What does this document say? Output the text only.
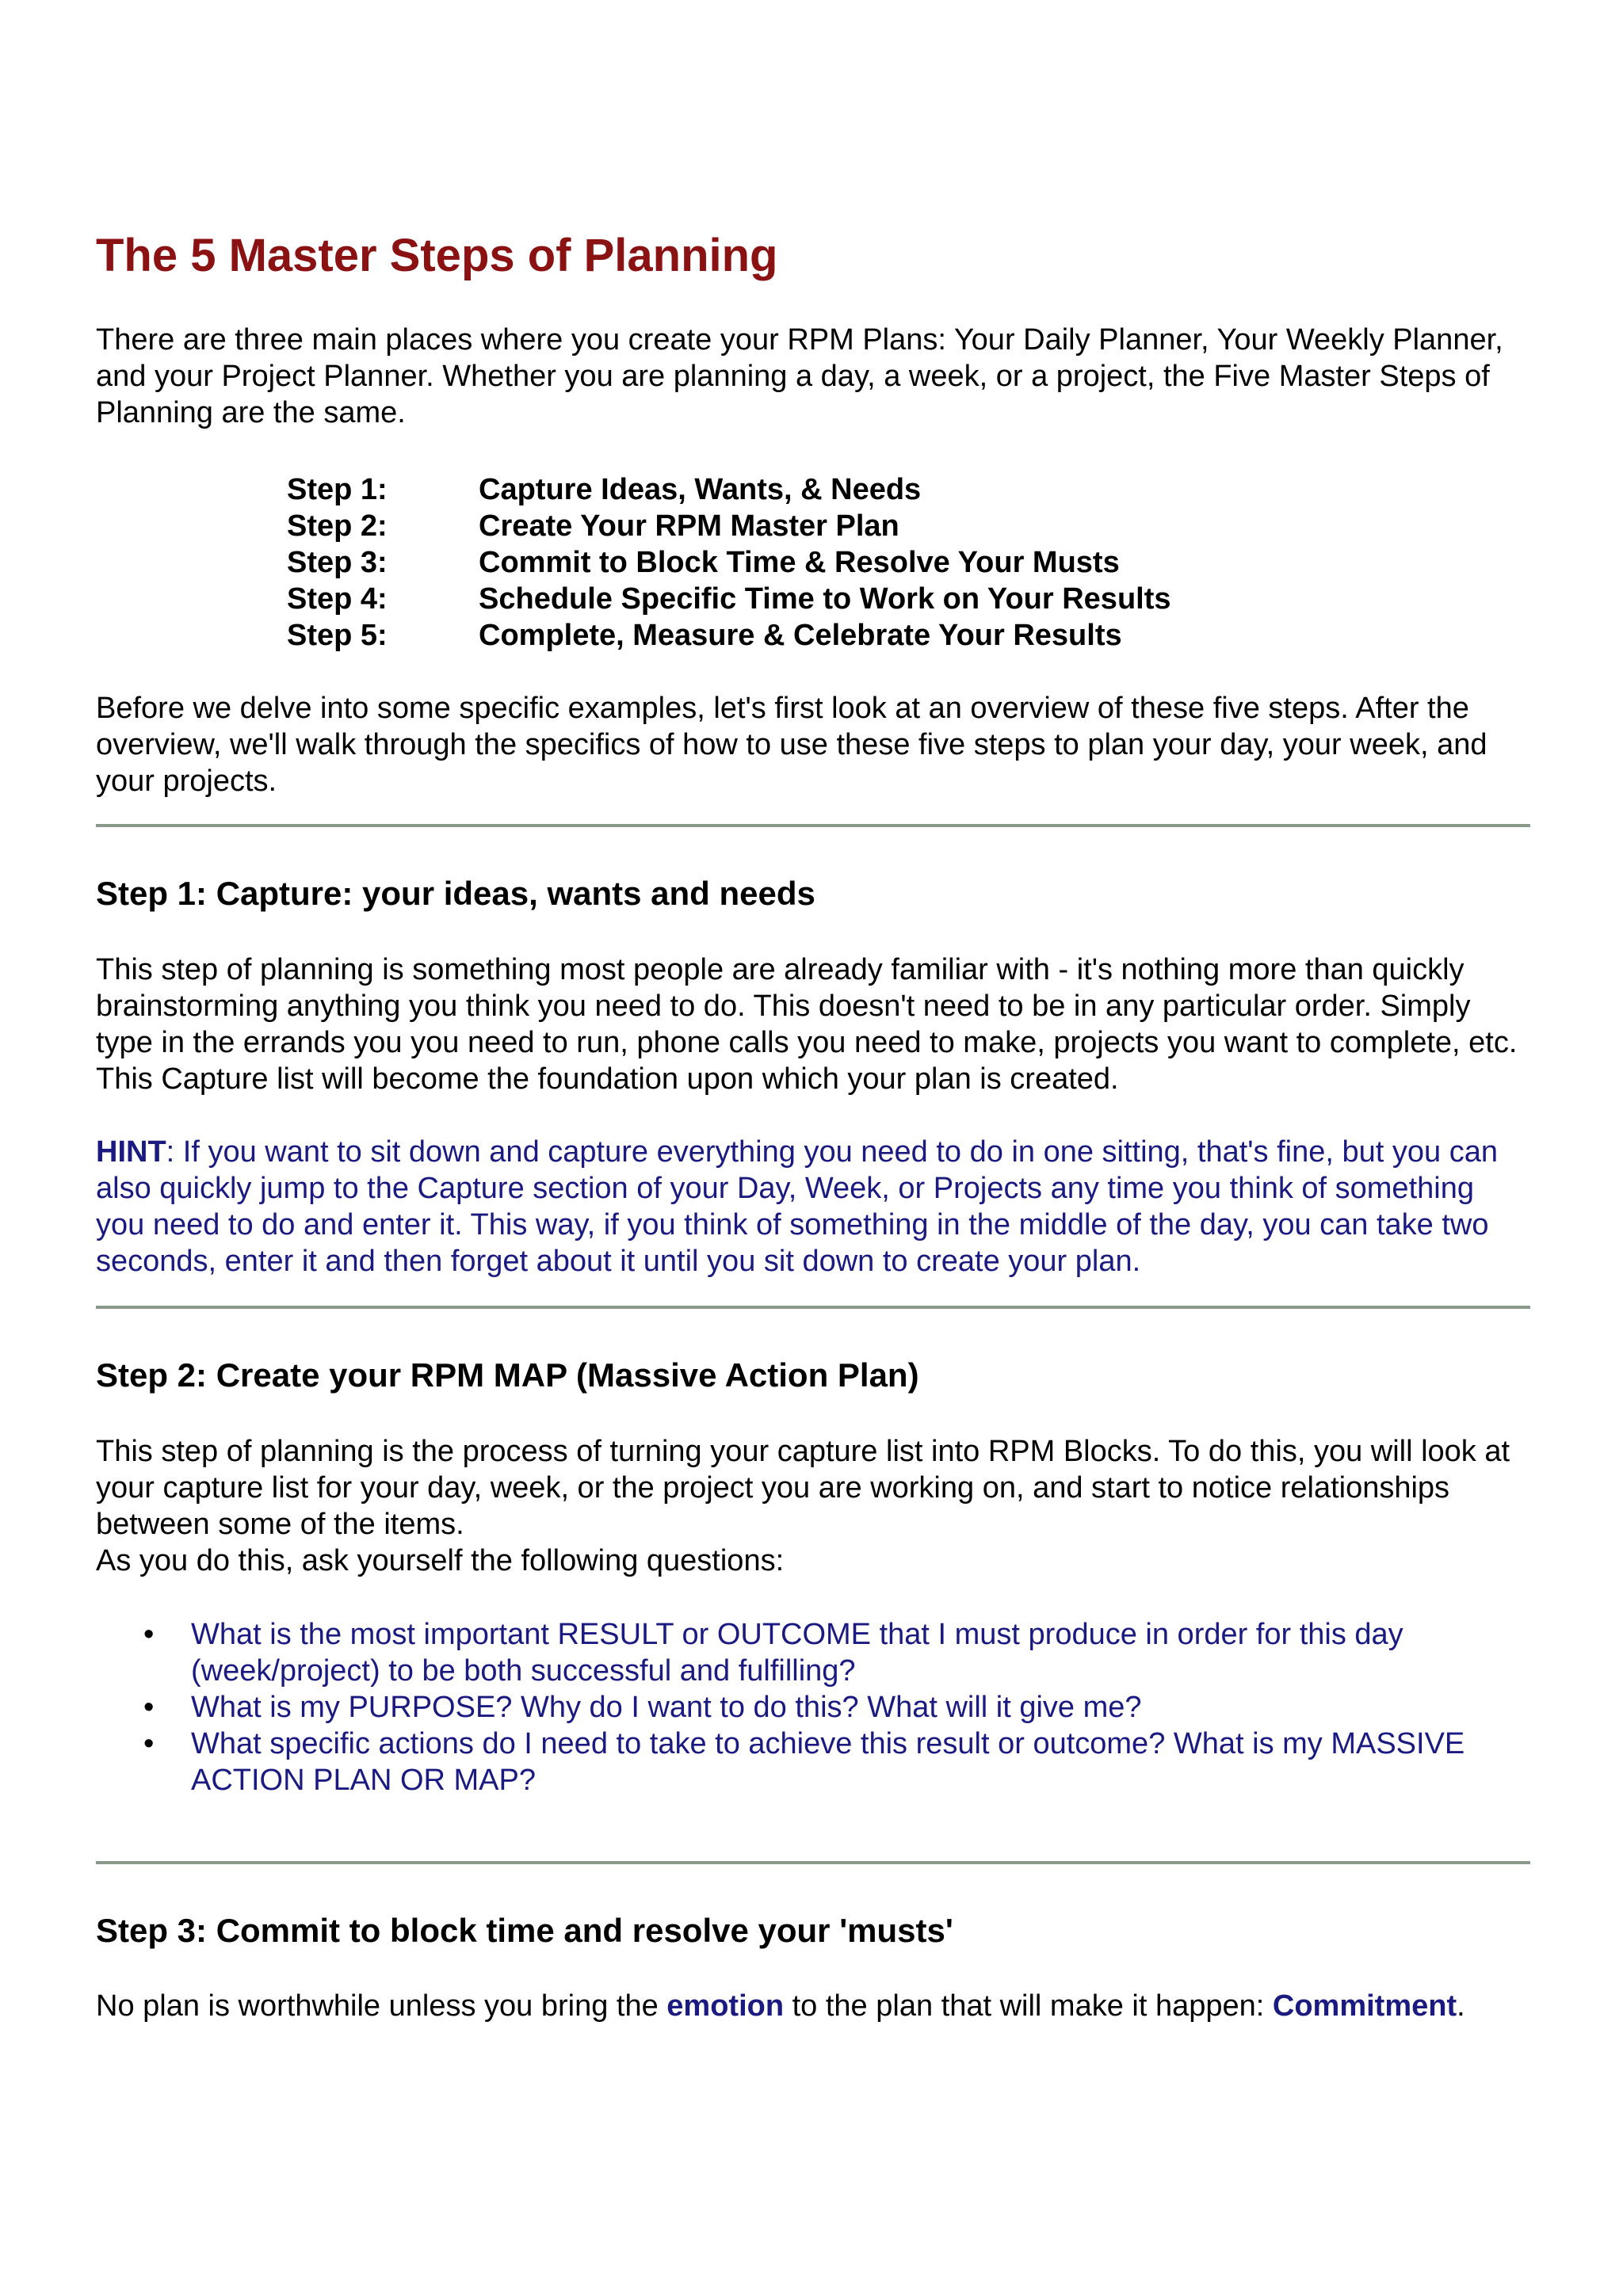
The 5 Master Steps of Planning

There are three main places where you create your RPM Plans: Your Daily Planner, Your Weekly Planner, and your Project Planner. Whether you are planning a day, a week, or a project, the Five Master Steps of Planning are the same.

Step 1:	Capture Ideas, Wants, & Needs
Step 2:	Create Your RPM Master Plan
Step 3:	Commit to Block Time & Resolve Your Musts
Step 4:	Schedule Specific Time to Work on Your Results
Step 5:	Complete, Measure & Celebrate Your Results

Before we delve into some specific examples, let's first look at an overview of these five steps. After the overview, we'll walk through the specifics of how to use these five steps to plan your day, your week, and your projects.

Step 1: Capture: your ideas, wants and needs

This step of planning is something most people are already familiar with - it's nothing more than quickly brainstorming anything you think you need to do. This doesn't need to be in any particular order. Simply type in the errands you you need to run, phone calls you need to make, projects you want to complete, etc. This Capture list will become the foundation upon which your plan is created.

HINT: If you want to sit down and capture everything you need to do in one sitting, that's fine, but you can also quickly jump to the Capture section of your Day, Week, or Projects any time you think of something you need to do and enter it. This way, if you think of something in the middle of the day, you can take two seconds, enter it and then forget about it until you sit down to create your plan.

Step 2: Create your RPM MAP (Massive Action Plan)

This step of planning is the process of turning your capture list into RPM Blocks. To do this, you will look at your capture list for your day, week, or the project you are working on, and start to notice relationships between some of the items.

As you do this, ask yourself the following questions:

• What is the most important RESULT or OUTCOME that I must produce in order for this day (week/project) to be both successful and fulfilling?
• What is my PURPOSE? Why do I want to do this? What will it give me?
• What specific actions do I need to take to achieve this result or outcome? What is my MASSIVE ACTION PLAN OR MAP?
Step 3: Commit to block time and resolve your 'musts'

No plan is worthwhile unless you bring the emotion to the plan that will make it happen: Commitment.
